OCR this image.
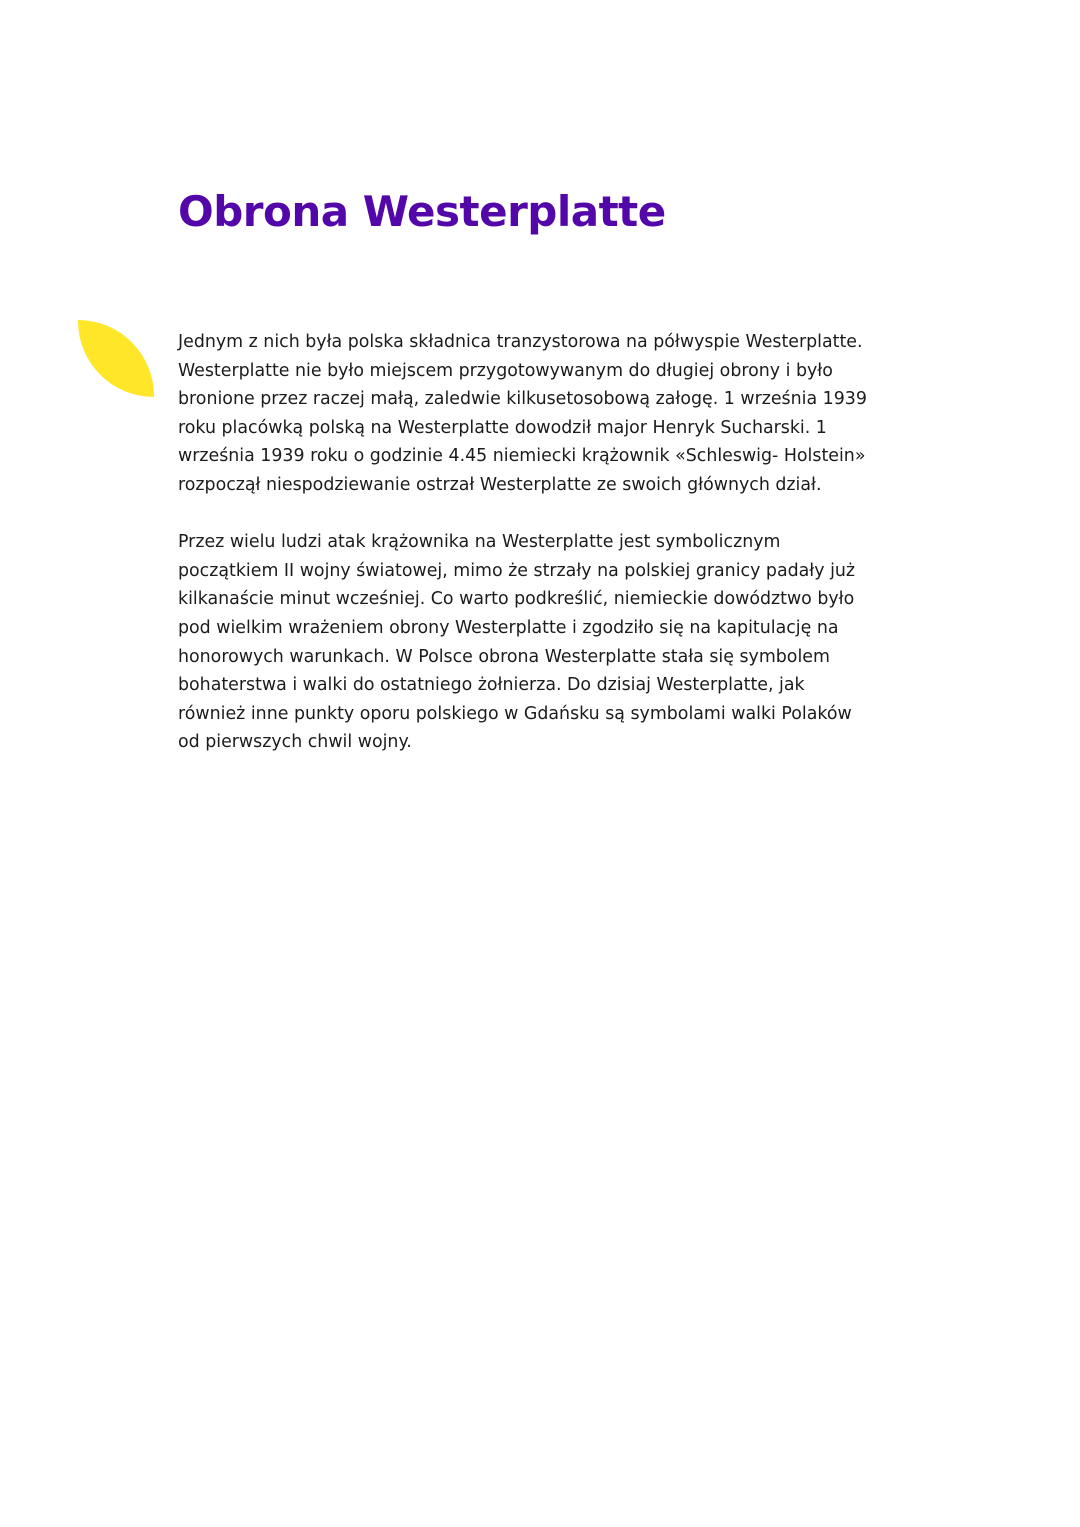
Obrona Westerplatte

Jednym z nich była polska składnica tranzystorowa na półwyspie Westerplatte.
Westerplatte nie było miejscem przygotowywanym do długiej obrony i było
bronione przez raczej małą, zaledwie kilkusetosobową załogę. 1 września 1939
roku placówką polską na Westerplatte dowodził major Henryk Sucharski. 1
września 1939 roku o godzinie 4.45 niemiecki krążownik «Schleswig- Holstein»
rozpoczął niespodziewanie ostrzał Westerplatte ze swoich głównych dział.

Przez wielu ludzi atak krążownika na Westerplatte jest symbolicznym
początkiem II wojny światowej, mimo że strzały na polskiej granicy padały już
kilkanaście minut wcześniej. Co warto podkreślić, niemieckie dowództwo było
pod wielkim wrażeniem obrony Westerplatte i zgodziło się na kapitulację na
honorowych warunkach. W Polsce obrona Westerplatte stała się symbolem
bohaterstwa i walki do ostatniego żołnierza. Do dzisiaj Westerplatte, jak
również inne punkty oporu polskiego w Gdańsku są symbolami walki Polaków
od pierwszych chwil wojny.
